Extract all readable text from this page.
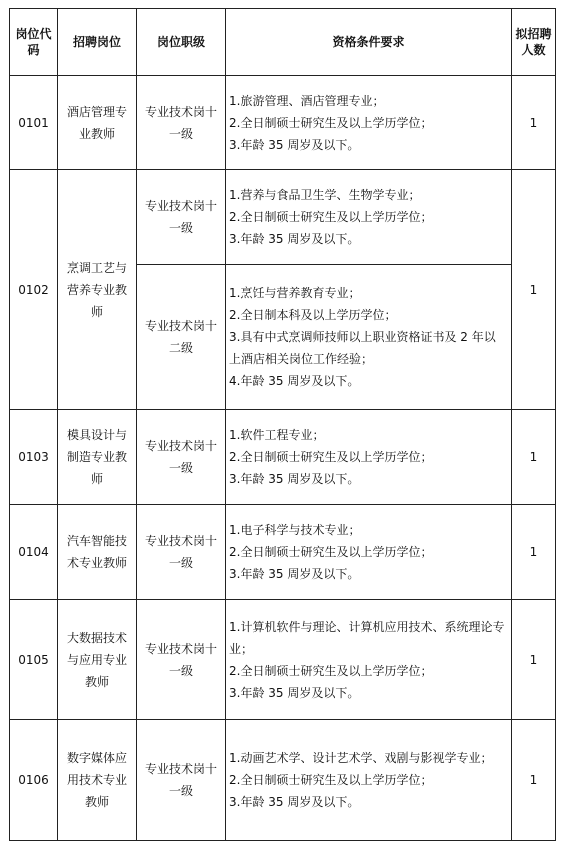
岗位代码	招聘岗位	岗位职级	资格条件要求	拟招聘人数
0101	酒店管理专业教师	专业技术岗十一级	1.旅游管理、酒店管理专业；
2.全日制硕士研究生及以上学历学位；
3.年龄 35 周岁及以下。	1
0102	烹调工艺与营养专业教师	专业技术岗十一级	1.营养与食品卫生学、生物学专业；
2.全日制硕士研究生及以上学历学位；
3.年龄 35 周岁及以下。	1
		专业技术岗十二级	1.烹饪与营养教育专业；
2.全日制本科及以上学历学位；
3.具有中式烹调师技师以上职业资格证书及 2 年以上酒店相关岗位工作经验；
4.年龄 35 周岁及以下。	

0103	模具设计与制造专业教师	专业技术岗十一级	1.软件工程专业；
2.全日制硕士研究生及以上学历学位；
3.年龄 35 周岁及以下。	1
0104	汽车智能技术专业教师	专业技术岗十一级	1.电子科学与技术专业；
2.全日制硕士研究生及以上学历学位；
3.年龄 35 周岁及以下。	1
0105	大数据技术与应用专业教师	专业技术岗十一级	1.计算机软件与理论、计算机应用技术、系统理论专业；
2.全日制硕士研究生及以上学历学位；
3.年龄 35 周岁及以下。	1
0106	数字媒体应用技术专业教师	专业技术岗十一级	1.动画艺术学、设计艺术学、戏剧与影视学专业；
2.全日制硕士研究生及以上学历学位；
3.年龄 35 周岁及以下。	1
